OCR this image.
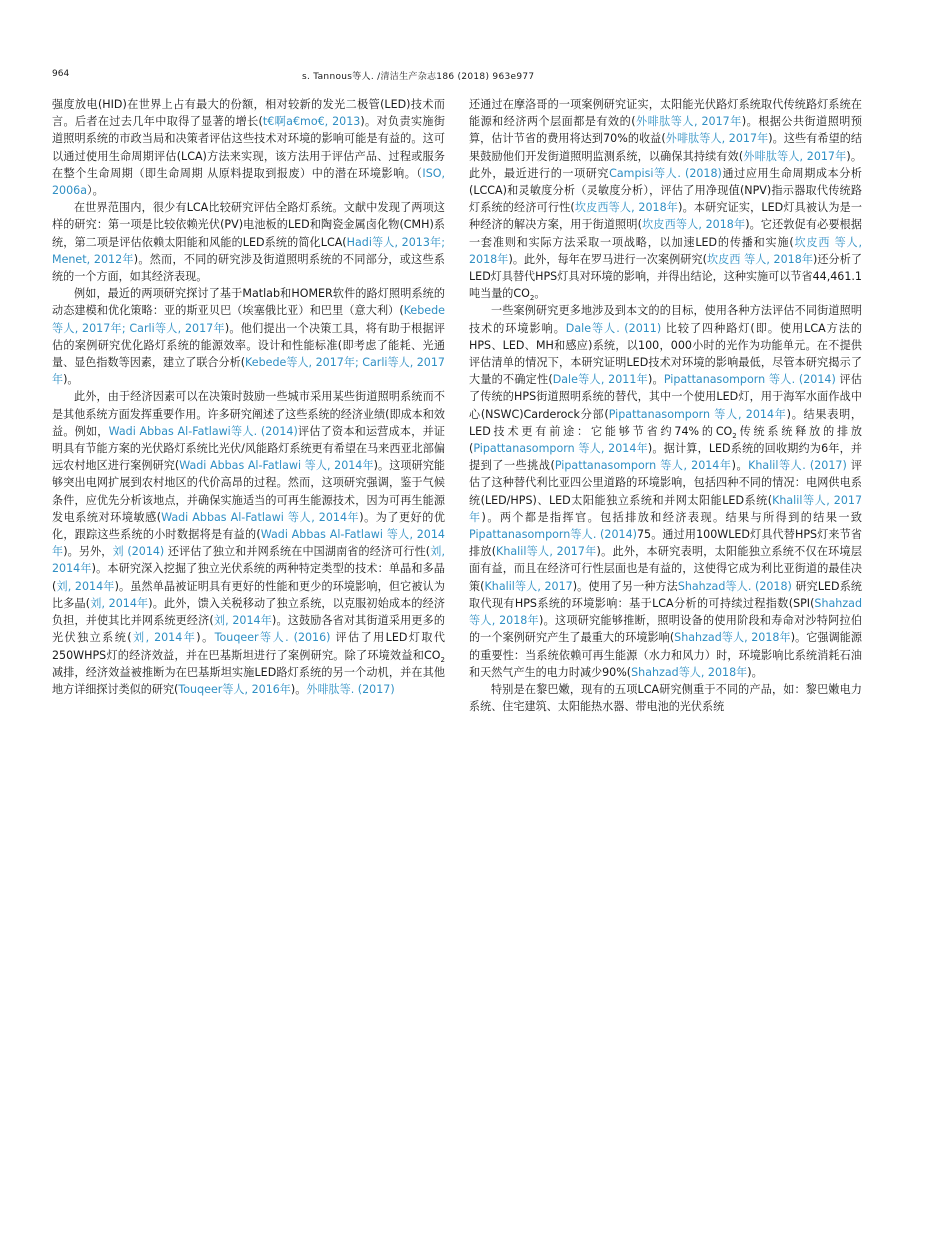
964	s. Tannous等人. /清洁生产杂志186 (2018) 963e977

强度放电(HID)在世界上占有最大的份额，相对较新的发光二极管(LED)技术而言。后者在过去几年中取得了显著的增长(t€啊a€mo€, 2013)。对负责实施街道照明系统的市政当局和决策者评估这些技术对环境的影响可能是有益的。这可以通过使用生命周期评估(LCA)方法来实现，该方法用于评估产品、过程或服务在整个生命周期（即生命周期 从原料提取到报废）中的潜在环境影响。（ISO, 2006a）。

在世界范围内，很少有LCA比较研究评估全路灯系统。文献中发现了两项这样的研究：第一项是比较依赖光伏(PV)电池板的LED和陶瓷金属卤化物(CMH)系统，第二项是评估依赖太阳能和风能的LED系统的简化LCA(Hadi等人, 2013年; Menet, 2012年)。然而，不同的研究涉及街道照明系统的不同部分，或这些系统的一个方面，如其经济表现。

例如，最近的两项研究探讨了基于Matlab和HOMER软件的路灯照明系统的动态建模和优化策略：亚的斯亚贝巴（埃塞俄比亚）和巴里（意大利）(Kebede等人, 2017年; Carli等人, 2017年)。他们提出一个决策工具，将有助于根据评估的案例研究优化路灯系统的能源效率。设计和性能标准(即考虑了能耗、光通量、显色指数等因素，建立了联合分析(Kebede等人, 2017年; Carli等人, 2017年)。

此外，由于经济因素可以在决策时鼓励一些城市采用某些街道照明系统而不是其他系统方面发挥重要作用。许多研究阐述了这些系统的经济业绩(即成本和效益。例如，Wadi Abbas Al-Fatlawi等人. (2014)评估了资本和运营成本，并证明具有节能方案的光伏路灯系统比光伏/风能路灯系统更有希望在马来西亚北部偏远农村地区进行案例研究(Wadi Abbas Al-Fatlawi 等人, 2014年)。这项研究能够突出电网扩展到农村地区的代价高昂的过程。然而，这项研究强调，鉴于气候条件，应优先分析该地点，并确保实施适当的可再生能源技术，因为可再生能源发电系统对环境敏感(Wadi Abbas Al-Fatlawi 等人, 2014年)。为了更好的优化，跟踪这些系统的小时数据将是有益的(Wadi Abbas Al-Fatlawi 等人, 2014年)。另外，刘 (2014) 还评估了独立和并网系统在中国湖南省的经济可行性(刘, 2014年)。本研究深入挖掘了独立光伏系统的两种特定类型的技术：单晶和多晶(刘, 2014年)。虽然单晶被证明具有更好的性能和更少的环境影响，但它被认为比多晶(刘, 2014年)。此外，馈入关税移动了独立系统，以克服初始成本的经济负担，并使其比并网系统更经济(刘, 2014年)。这鼓励各省对其街道采用更多的光伏独立系统(刘, 2014年)。Touqeer等人. (2016) 评估了用LED灯取代250WHPS灯的经济效益，并在巴基斯坦进行了案例研究。除了环境效益和$CO_2$减排，经济效益被推断为在巴基斯坦实施LED路灯系统的另一个动机，并在其他地方详细探讨类似的研究(Touqeer等人, 2016年)。外啡肽等. (2017)

还通过在摩洛哥的一项案例研究证实，太阳能光伏路灯系统取代传统路灯系统在能源和经济两个层面都是有效的(外啡肽等人, 2017年)。根据公共街道照明预算，估计节省的费用将达到70%的收益(外啡肽等人, 2017年)。这些有希望的结果鼓励他们开发街道照明监测系统，以确保其持续有效(外啡肽等人, 2017年)。此外，最近进行的一项研究Campisi等人. (2018)通过应用生命周期成本分析(LCCA)和灵敏度分析（灵敏度分析），评估了用净现值(NPV)指示器取代传统路灯系统的经济可行性(坎皮西等人, 2018年)。本研究证实，LED灯具被认为是一种经济的解决方案，用于街道照明(坎皮西等人, 2018年)。它还敦促有必要根据一套准则和实际方法采取一项战略，以加速LED的传播和实施(坎皮西 等人, 2018年)。此外，每年在罗马进行一次案例研究(坎皮西 等人, 2018年)还分析了LED灯具替代HPS灯具对环境的影响，并得出结论，这种实施可以节省44,461.1吨当量的$CO_2$。

一些案例研究更多地涉及到本文的的目标，使用各种方法评估不同街道照明技术的环境影响。Dale等人. (2011) 比较了四种路灯(即。使用LCA方法的HPS、LED、MH和感应)系统，以100，000小时的光作为功能单元。在不提供评估清单的情况下，本研究证明LED技术对环境的影响最低，尽管本研究揭示了大量的不确定性(Dale等人, 2011年)。Pipattanasomporn 等人. (2014) 评估了传统的HPS街道照明系统的替代，其中一个使用LED灯，用于海军水面作战中心(NSWC)Carderock分部(Pipattanasomporn 等人, 2014年)。结果表明，LED技术更有前途：它能够节省约74%的$CO_2$传统系统释放的排放(Pipattanasomporn 等人, 2014年)。据计算，LED系统的回收期约为6年，并提到了一些挑战(Pipattanasomporn 等人, 2014年)。Khalil等人. (2017) 评估了这种替代利比亚四公里道路的环境影响，包括四种不同的情况：电网供电系统(LED/HPS)、LED太阳能独立系统和并网太阳能LED系统(Khalil等人, 2017年)。两个都是指挥官。包括排放和经济表现。结果与所得到的结果一致Pipattanasomporn等人. (2014)75。通过用100WLED灯具代替HPS灯来节省排放(Khalil等人, 2017年)。此外，本研究表明，太阳能独立系统不仅在环境层面有益，而且在经济可行性层面也是有益的，这使得它成为利比亚街道的最佳决策(Khalil等人, 2017)。使用了另一种方法Shahzad等人. (2018) 研究LED系统取代现有HPS系统的环境影响：基于LCA分析的可持续过程指数(SPI(Shahzad等人, 2018年)。这项研究能够推断，照明设备的使用阶段和寿命对沙特阿拉伯的一个案例研究产生了最重大的环境影响(Shahzad等人, 2018年)。它强调能源的重要性：当系统依赖可再生能源（水力和风力）时，环境影响比系统消耗石油和天然气产生的电力时减少90%(Shahzad等人, 2018年)。

特别是在黎巴嫩，现有的五项LCA研究侧重于不同的产品，如：黎巴嫩电力系统、住宅建筑、太阳能热水器、带电池的光伏系统
